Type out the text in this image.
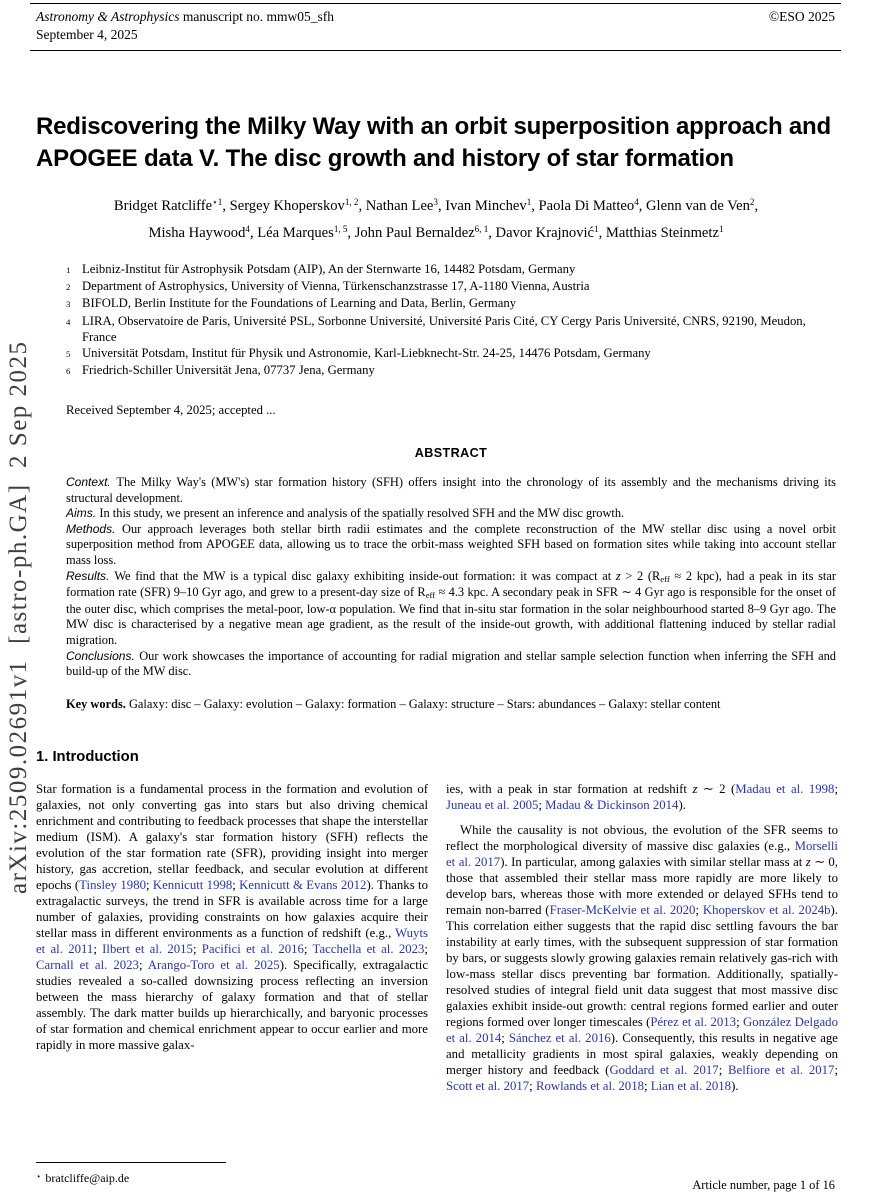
arXiv:2509.02691v1  [astro-ph.GA]  2 Sep 2025
Astronomy & Astrophysics manuscript no. mmw05_sfh
September 4, 2025
©ESO 2025
Rediscovering the Milky Way with an orbit superposition approach and APOGEE data V. The disc growth and history of star formation
Bridget Ratcliffe$^{⋆1}$, Sergey Khoperskov$^{1, 2}$, Nathan Lee$^3$, Ivan Minchev$^1$, Paola Di Matteo$^4$, Glenn van de Ven$^2$,
Misha Haywood$^4$, Léa Marques$^{1, 5}$, John Paul Bernaldez$^{6, 1}$, Davor Krajnović$^1$, Matthias Steinmetz$^1$
1 Leibniz-Institut für Astrophysik Potsdam (AIP), An der Sternwarte 16, 14482 Potsdam, Germany
2 Department of Astrophysics, University of Vienna, Türkenschanzstrasse 17, A-1180 Vienna, Austria
3 BIFOLD, Berlin Institute for the Foundations of Learning and Data, Berlin, Germany
4 LIRA, Observatoire de Paris, Université PSL, Sorbonne Université, Université Paris Cité, CY Cergy Paris Université, CNRS, 92190, Meudon, France
5 Universität Potsdam, Institut für Physik und Astronomie, Karl-Liebknecht-Str. 24-25, 14476 Potsdam, Germany
6 Friedrich-Schiller Universität Jena, 07737 Jena, Germany
Received September 4, 2025; accepted ...
ABSTRACT

Context. The Milky Way's (MW's) star formation history (SFH) offers insight into the chronology of its assembly and the mechanisms driving its structural development.

Aims. In this study, we present an inference and analysis of the spatially resolved SFH and the MW disc growth.

Methods. Our approach leverages both stellar birth radii estimates and the complete reconstruction of the MW stellar disc using a novel orbit superposition method from APOGEE data, allowing us to trace the orbit-mass weighted SFH based on formation sites while taking into account stellar mass loss.

Results. We find that the MW is a typical disc galaxy exhibiting inside-out formation: it was compact at z > 2 (Reff ≈ 2 kpc), had a peak in its star formation rate (SFR) 9–10 Gyr ago, and grew to a present-day size of Reff ≈ 4.3 kpc. A secondary peak in SFR ∼ 4 Gyr ago is responsible for the onset of the outer disc, which comprises the metal-poor, low-α population. We find that in-situ star formation in the solar neighbourhood started 8–9 Gyr ago. The MW disc is characterised by a negative mean age gradient, as the result of the inside-out growth, with additional flattening induced by stellar radial migration.

Conclusions. Our work showcases the importance of accounting for radial migration and stellar sample selection function when inferring the SFH and build-up of the MW disc.

Key words. Galaxy: disc – Galaxy: evolution – Galaxy: formation – Galaxy: structure – Stars: abundances – Galaxy: stellar content
1. Introduction

Star formation is a fundamental process in the formation and evolution of galaxies, not only converting gas into stars but also driving chemical enrichment and contributing to feedback processes that shape the interstellar medium (ISM). A galaxy's star formation history (SFH) reflects the evolution of the star formation rate (SFR), providing insight into merger history, gas accretion, stellar feedback, and secular evolution at different epochs (Tinsley 1980; Kennicutt 1998; Kennicutt & Evans 2012). Thanks to extragalactic surveys, the trend in SFR is available across time for a large number of galaxies, providing constraints on how galaxies acquire their stellar mass in different environments as a function of redshift (e.g., Wuyts et al. 2011; Ilbert et al. 2015; Pacifici et al. 2016; Tacchella et al. 2023; Carnall et al. 2023; Arango-Toro et al. 2025). Specifically, extragalactic studies revealed a so-called downsizing process reflecting an inversion between the mass hierarchy of galaxy formation and that of stellar assembly. The dark matter builds up hierarchically, and baryonic processes of star formation and chemical enrichment appear to occur earlier and more rapidly in more massive galax-

ies, with a peak in star formation at redshift z ∼ 2 (Madau et al. 1998; Juneau et al. 2005; Madau & Dickinson 2014).

While the causality is not obvious, the evolution of the SFR seems to reflect the morphological diversity of massive disc galaxies (e.g., Morselli et al. 2017). In particular, among galaxies with similar stellar mass at z ∼ 0, those that assembled their stellar mass more rapidly are more likely to develop bars, whereas those with more extended or delayed SFHs tend to remain non-barred (Fraser-McKelvie et al. 2020; Khoperskov et al. 2024b). This correlation either suggests that the rapid disc settling favours the bar instability at early times, with the subsequent suppression of star formation by bars, or suggests slowly growing galaxies remain relatively gas-rich with low-mass stellar discs preventing bar formation. Additionally, spatially-resolved studies of integral field unit data suggest that most massive disc galaxies exhibit inside-out growth: central regions formed earlier and outer regions formed over longer timescales (Pérez et al. 2013; González Delgado et al. 2014; Sánchez et al. 2016). Consequently, this results in negative age and metallicity gradients in most spiral galaxies, weakly depending on merger history and feedback (Goddard et al. 2017; Belfiore et al. 2017; Scott et al. 2017; Rowlands et al. 2018; Lian et al. 2018).

⋆ bratcliffe@aip.de	Article number, page 1 of 16
